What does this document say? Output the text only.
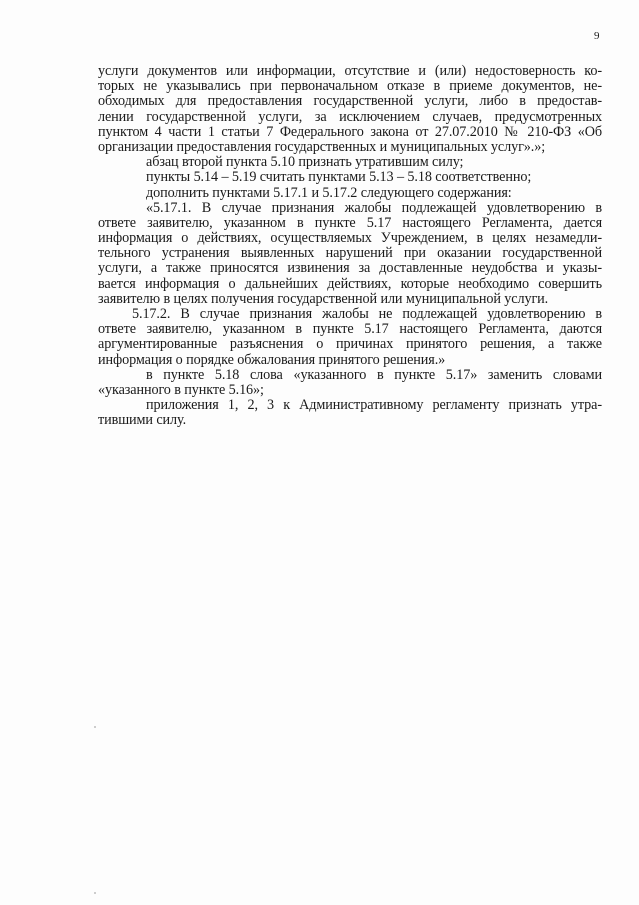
9
услуги документов или информации, отсутствие и (или) недостоверность ко-
торых не указывались при первоначальном отказе в приеме документов, не-
обходимых для предоставления государственной услуги, либо в предостав-
лении государственной услуги, за исключением случаев, предусмотренных
пунктом 4 части 1 статьи 7 Федерального закона от 27.07.2010 № 210-ФЗ «Об
организации предоставления государственных и муниципальных услуг».»;
абзац второй пункта 5.10 признать утратившим силу;
пункты 5.14 – 5.19 считать пунктами 5.13 – 5.18 соответственно;
дополнить пунктами 5.17.1 и 5.17.2 следующего содержания:
«5.17.1. В случае признания жалобы подлежащей удовлетворению в
ответе заявителю, указанном в пункте 5.17 настоящего Регламента, дается
информация о действиях, осуществляемых Учреждением, в целях незамедли-
тельного устранения выявленных нарушений при оказании государственной
услуги, а также приносятся извинения за доставленные неудобства и указы-
вается информация о дальнейших действиях, которые необходимо совершить
заявителю в целях получения государственной или муниципальной услуги.
5.17.2. В случае признания жалобы не подлежащей удовлетворению в
ответе заявителю, указанном в пункте 5.17 настоящего Регламента, даются
аргументированные разъяснения о причинах принятого решения, а также
информация о порядке обжалования принятого решения.»
в пункте 5.18 слова «указанного в пункте 5.17» заменить словами
«указанного в пункте 5.16»;
приложения 1, 2, 3 к Административному регламенту признать утра-
тившими силу.
